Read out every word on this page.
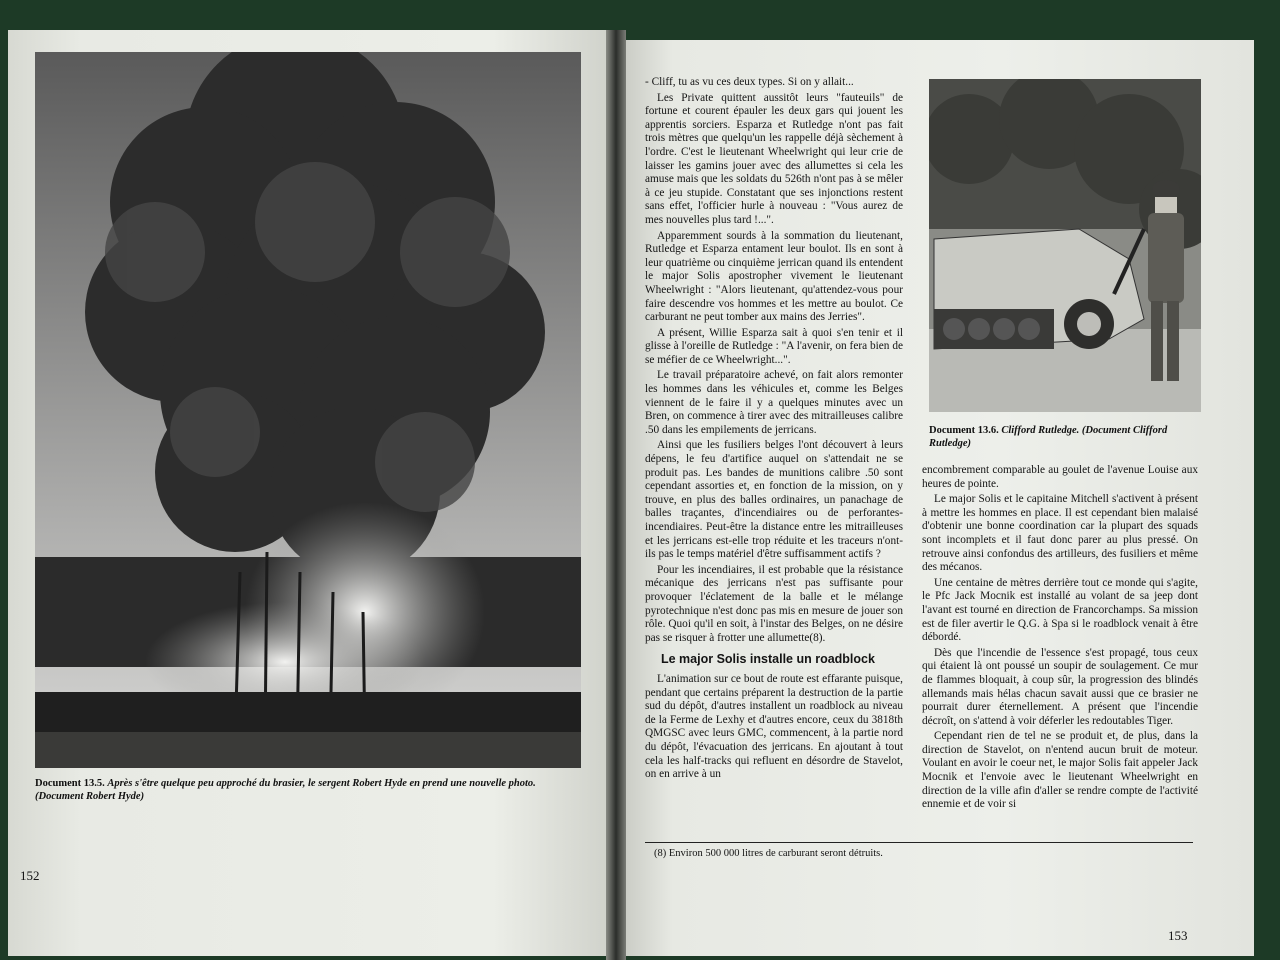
Document 13.5. Après s'être quelque peu approché du brasier, le sergent Robert Hyde en prend une nouvelle photo. (Document Robert Hyde)
152

- Cliff, tu as vu ces deux types. Si on y allait...

Les Private quittent aussitôt leurs "fauteuils" de fortune et courent épauler les deux gars qui jouent les apprentis sorciers. Esparza et Rutledge n'ont pas fait trois mètres que quelqu'un les rappelle déjà sèchement à l'ordre. C'est le lieutenant Wheelwright qui leur crie de laisser les gamins jouer avec des allumettes si cela les amuse mais que les soldats du 526th n'ont pas à se mêler à ce jeu stupide. Constatant que ses injonctions restent sans effet, l'officier hurle à nouveau : "Vous aurez de mes nouvelles plus tard !...".

Apparemment sourds à la sommation du lieutenant, Rutledge et Esparza entament leur boulot. Ils en sont à leur quatrième ou cinquième jerrican quand ils entendent le major Solis apostropher vivement le lieutenant Wheelwright : "Alors lieutenant, qu'attendez-vous pour faire descendre vos hommes et les mettre au boulot. Ce carburant ne peut tomber aux mains des Jerries".

A présent, Willie Esparza sait à quoi s'en tenir et il glisse à l'oreille de Rutledge : "A l'avenir, on fera bien de se méfier de ce Wheelwright...".

Le travail préparatoire achevé, on fait alors remonter les hommes dans les véhicules et, comme les Belges viennent de le faire il y a quelques minutes avec un Bren, on commence à tirer avec des mitrailleuses calibre .50 dans les empilements de jerricans.

Ainsi que les fusiliers belges l'ont découvert à leurs dépens, le feu d'artifice auquel on s'attendait ne se produit pas. Les bandes de munitions calibre .50 sont cependant assorties et, en fonction de la mission, on y trouve, en plus des balles ordinaires, un panachage de balles traçantes, d'incendiaires ou de perforantes-incendiaires. Peut-être la distance entre les mitrailleuses et les jerricans est-elle trop réduite et les traceurs n'ont-ils pas le temps matériel d'être suffisamment actifs ?

Pour les incendiaires, il est probable que la résistance mécanique des jerricans n'est pas suffisante pour provoquer l'éclatement de la balle et le mélange pyrotechnique n'est donc pas mis en mesure de jouer son rôle. Quoi qu'il en soit, à l'instar des Belges, on ne désire pas se risquer à frotter une allumette(8).

Le major Solis installe un roadblock

L'animation sur ce bout de route est effarante puisque, pendant que certains préparent la destruction de la partie sud du dépôt, d'autres installent un roadblock au niveau de la Ferme de Lexhy et d'autres encore, ceux du 3818th QMGSC avec leurs GMC, commencent, à la partie nord du dépôt, l'évacuation des jerricans. En ajoutant à tout cela les half-tracks qui refluent en désordre de Stavelot, on en arrive à un

Document 13.6. Clifford Rutledge. (Document Clifford Rutledge)

encombrement comparable au goulet de l'avenue Louise aux heures de pointe.

Le major Solis et le capitaine Mitchell s'activent à présent à mettre les hommes en place. Il est cependant bien malaisé d'obtenir une bonne coordination car la plupart des squads sont incomplets et il faut donc parer au plus pressé. On retrouve ainsi confondus des artilleurs, des fusiliers et même des mécanos.

Une centaine de mètres derrière tout ce monde qui s'agite, le Pfc Jack Mocnik est installé au volant de sa jeep dont l'avant est tourné en direction de Francorchamps. Sa mission est de filer avertir le Q.G. à Spa si le roadblock venait à être débordé.

Dès que l'incendie de l'essence s'est propagé, tous ceux qui étaient là ont poussé un soupir de soulagement. Ce mur de flammes bloquait, à coup sûr, la progression des blindés allemands mais hélas chacun savait aussi que ce brasier ne pourrait durer éternellement. A présent que l'incendie décroît, on s'attend à voir déferler les redoutables Tiger.

Cependant rien de tel ne se produit et, de plus, dans la direction de Stavelot, on n'entend aucun bruit de moteur. Voulant en avoir le coeur net, le major Solis fait appeler Jack Mocnik et l'envoie avec le lieutenant Wheelwright en direction de la ville afin d'aller se rendre compte de l'activité ennemie et de voir si

(8) Environ 500 000 litres de carburant seront détruits.
153
